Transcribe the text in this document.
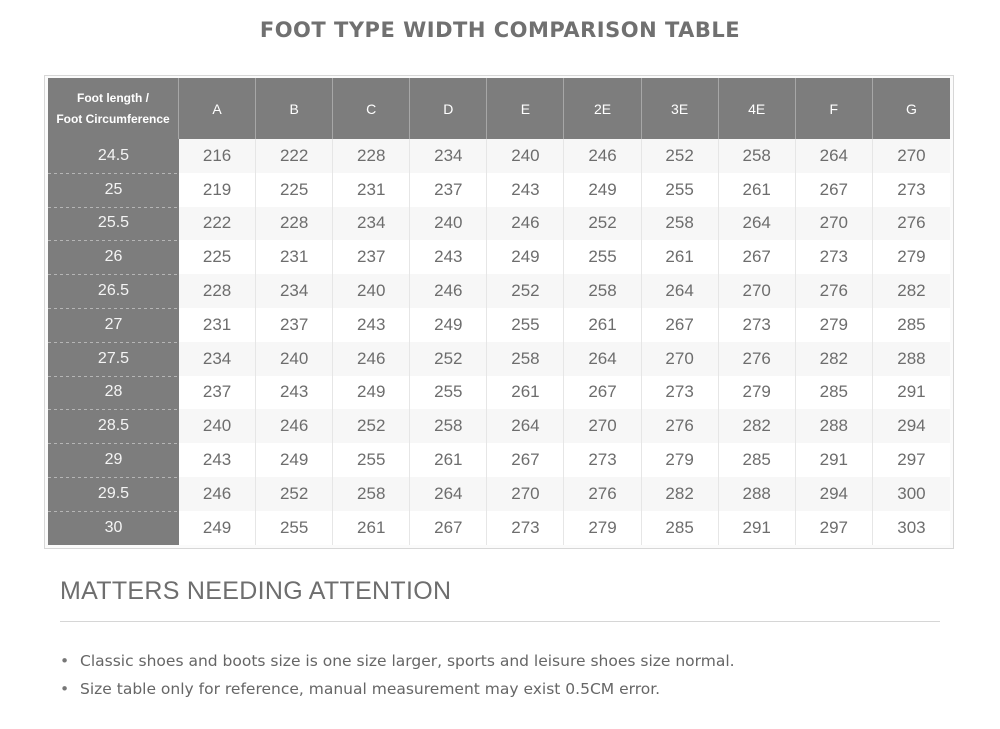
FOOT TYPE WIDTH COMPARISON TABLE
Foot length /
Foot Circumference	A	B	C	D	E	2E	3E	4E	F	G
24.5	216	222	228	234	240	246	252	258	264	270
25	219	225	231	237	243	249	255	261	267	273
25.5	222	228	234	240	246	252	258	264	270	276
26	225	231	237	243	249	255	261	267	273	279
26.5	228	234	240	246	252	258	264	270	276	282
27	231	237	243	249	255	261	267	273	279	285
27.5	234	240	246	252	258	264	270	276	282	288
28	237	243	249	255	261	267	273	279	285	291
28.5	240	246	252	258	264	270	276	282	288	294
29	243	249	255	261	267	273	279	285	291	297
29.5	246	252	258	264	270	276	282	288	294	300
30	249	255	261	267	273	279	285	291	297	303
MATTERS NEEDING ATTENTION
• Classic shoes and boots size is one size larger, sports and leisure shoes size normal.
• Size table only for reference, manual measurement may exist 0.5CM error.
